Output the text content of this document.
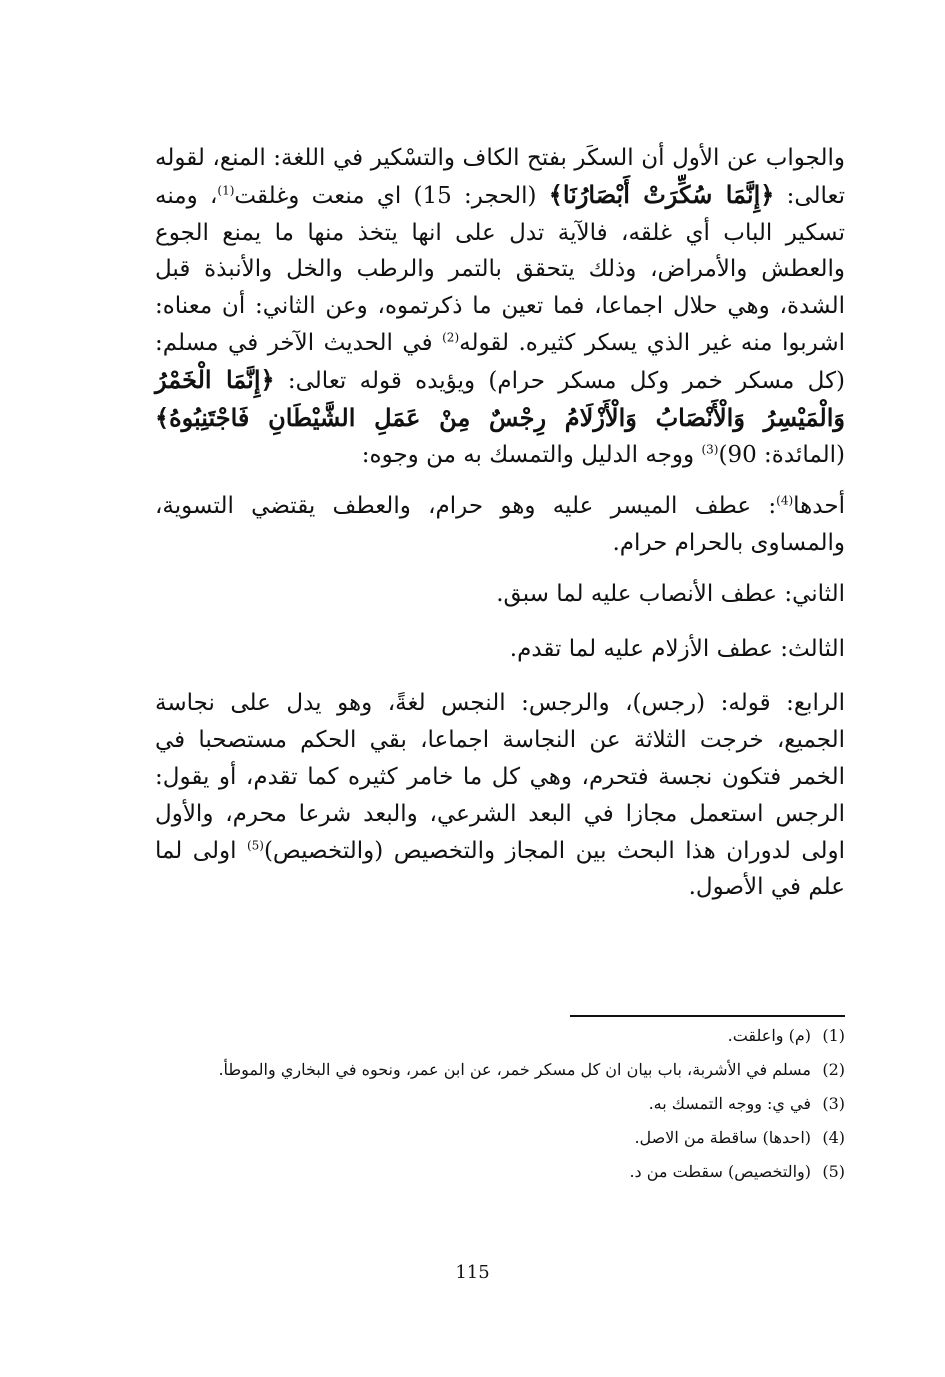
والجواب عن الأول أن السكَر بفتح الكاف والتسْكير في اللغة: المنع، لقوله تعالى: ﴿إِنَّمَا سُكِّرَتْ أَبْصَارُنَا﴾ (الحجر: 15) اي منعت وغلقت$^{(1)}$، ومنه تسكير الباب أي غلقه، فالآية تدل على انها يتخذ منها ما يمنع الجوع والعطش والأمراض، وذلك يتحقق بالتمر والرطب والخل والأنبذة قبل الشدة، وهي حلال اجماعا، فما تعين ما ذكرتموه، وعن الثاني: أن معناه: اشربوا منه غير الذي يسكر كثيره. لقوله$^{(2)}$ في الحديث الآخر في مسلم: (كل مسكر خمر وكل مسكر حرام) ويؤيده قوله تعالى: ﴿إِنَّمَا الْخَمْرُ وَالْمَيْسِرُ وَالْأَنْصَابُ وَالْأَزْلَامُ رِجْسٌ مِنْ عَمَلِ الشَّيْطَانِ فَاجْتَنِبُوهُ﴾ (المائدة: 90)$^{(3)}$ ووجه الدليل والتمسك به من وجوه:

أحدها$^{(4)}$: عطف الميسر عليه وهو حرام، والعطف يقتضي التسوية، والمساوى بالحرام حرام.

الثاني: عطف الأنصاب عليه لما سبق.

الثالث: عطف الأزلام عليه لما تقدم.

الرابع: قوله: (رجس)، والرجس: النجس لغةً، وهو يدل على نجاسة الجميع، خرجت الثلاثة عن النجاسة اجماعا، بقي الحكم مستصحبا في الخمر فتكون نجسة فتحرم، وهي كل ما خامر كثيره كما تقدم، أو يقول: الرجس استعمل مجازا في البعد الشرعي، والبعد شرعا محرم، والأول اولى لدوران هذا البحث بين المجاز والتخصيص (والتخصيص)$^{(5)}$ اولى لما علم في الأصول.

(1)
(م) واعلقت.
(2)
مسلم في الأشربة، باب بيان ان كل مسكر خمر، عن ابن عمر، ونحوه في البخاري والموطأ.
(3)
في ي: ووجه التمسك به.
(4)
(احدها) ساقطة من الاصل.
(5)
(والتخصيص) سقطت من د.
115
